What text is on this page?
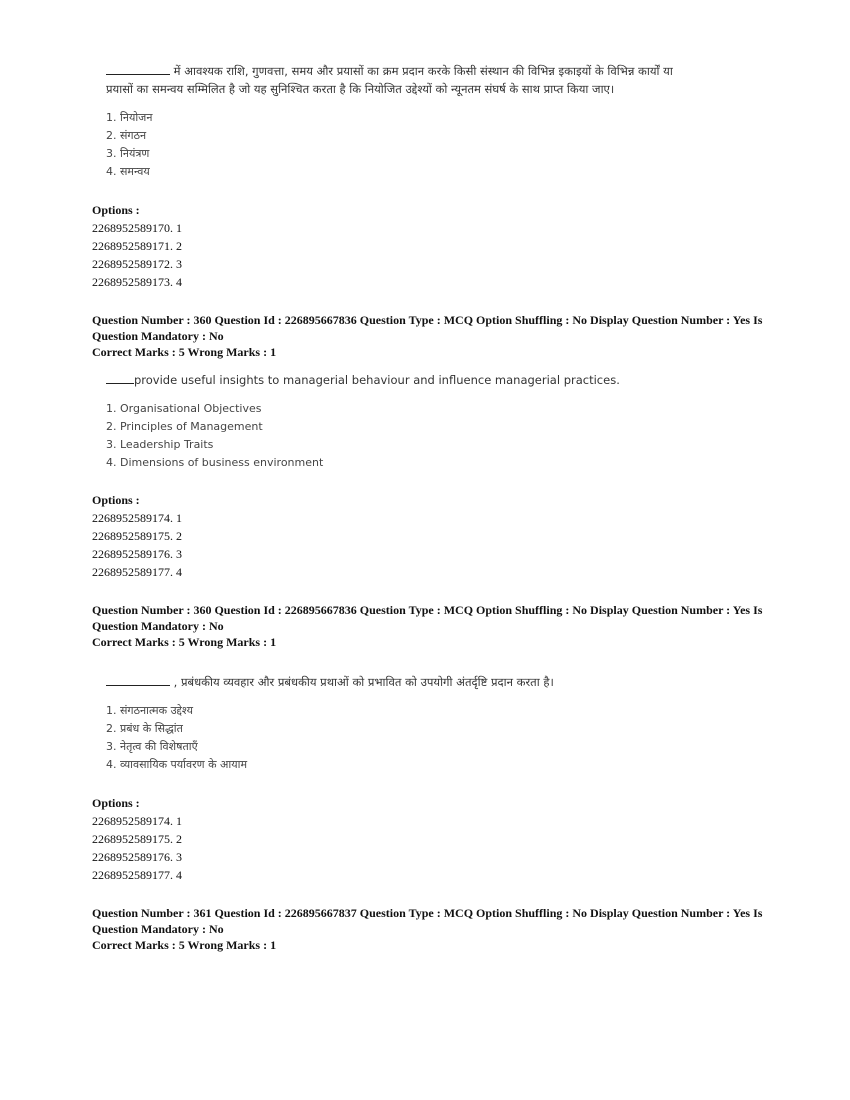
में आवश्यक राशि, गुणवत्ता, समय और प्रयासों का क्रम प्रदान करके किसी संस्थान की विभिन्न इकाइयों के विभिन्न कार्यों या
प्रयासों का समन्वय सम्मिलित है जो यह सुनिश्चित करता है कि नियोजित उद्देश्यों को न्यूनतम संघर्ष के साथ प्राप्त किया जाए।
1. नियोजन
2. संगठन
3. नियंत्रण
4. समन्वय
Options :
2268952589170. 1
2268952589171. 2
2268952589172. 3
2268952589173. 4
Question Number : 360 Question Id : 226895667836 Question Type : MCQ Option Shuffling : No Display Question Number : Yes Is
Question Mandatory : No
Correct Marks : 5 Wrong Marks : 1
provide useful insights to managerial behaviour and influence managerial practices.
1. Organisational Objectives
2. Principles of Management
3. Leadership Traits
4. Dimensions of business environment
Options :
2268952589174. 1
2268952589175. 2
2268952589176. 3
2268952589177. 4
Question Number : 360 Question Id : 226895667836 Question Type : MCQ Option Shuffling : No Display Question Number : Yes Is
Question Mandatory : No
Correct Marks : 5 Wrong Marks : 1
, प्रबंधकीय व्यवहार और प्रबंधकीय प्रथाओं को प्रभावित को उपयोगी अंतर्दृष्टि प्रदान करता है।
1. संगठनात्मक उद्देश्य
2. प्रबंध के सिद्धांत
3. नेतृत्व की विशेषताएँ
4. व्यावसायिक पर्यावरण के आयाम
Options :
2268952589174. 1
2268952589175. 2
2268952589176. 3
2268952589177. 4
Question Number : 361 Question Id : 226895667837 Question Type : MCQ Option Shuffling : No Display Question Number : Yes Is
Question Mandatory : No
Correct Marks : 5 Wrong Marks : 1
